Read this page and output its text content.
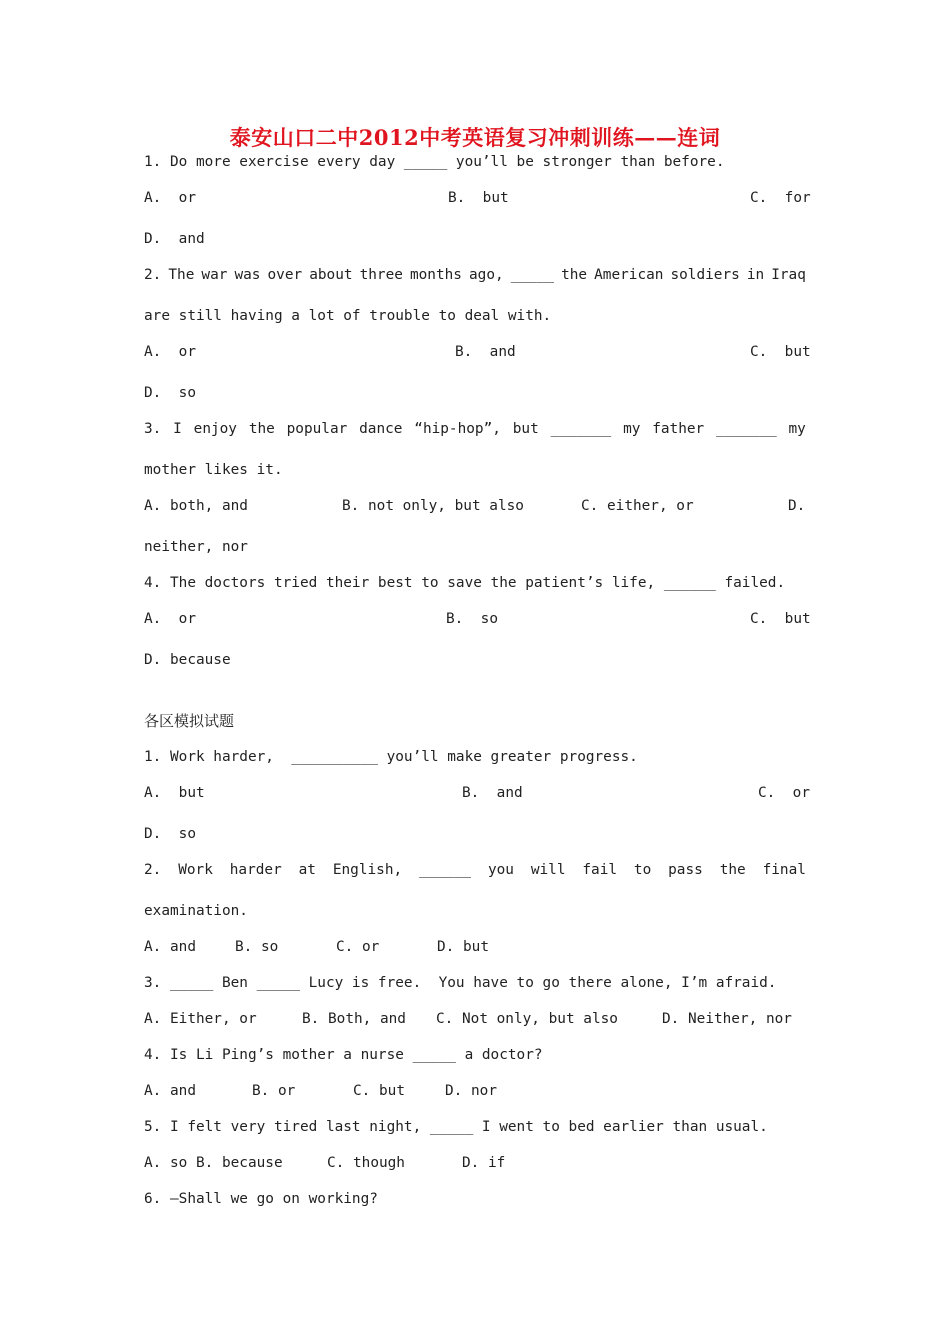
泰安山口二中2012中考英语复习冲刺训练——连词
1. Do more exercise every day _____ you’ll be stronger than before.
A.  or	B.  but	C.  for
D.  and
2. The war was over about three months ago, _____ the American soldiers in Iraq
are still having a lot of trouble to deal with.
A.  or	B.  and	C.  but
D.  so
3. I enjoy the popular dance “hip-hop”, but _______ my father _______ my
mother likes it.
A. both, and	B. not only, but also	C. either, or	D.
neither, nor
4. The doctors tried their best to save the patient’s life, ______ failed.
A.  or	B.  so	C.  but
D. because
各区模拟试题
1. Work harder,  __________ you’ll make greater progress.
A.  but	B.  and	C.  or
D.  so
2. Work harder at English, ______ you will fail to pass the final
examination.
A. and	B. so	C. or	D. but
3. _____ Ben _____ Lucy is free.  You have to go there alone, I’m afraid.
A. Either, or	B. Both, and C. Not only, but also	D. Neither, nor
4. Is Li Ping’s mother a nurse _____ a doctor?
A. and	B. or	C. but	D. nor
5. I felt very tired last night, _____ I went to bed earlier than usual.
A. so B. because	C. though	D. if
6. —Shall we go on working?
